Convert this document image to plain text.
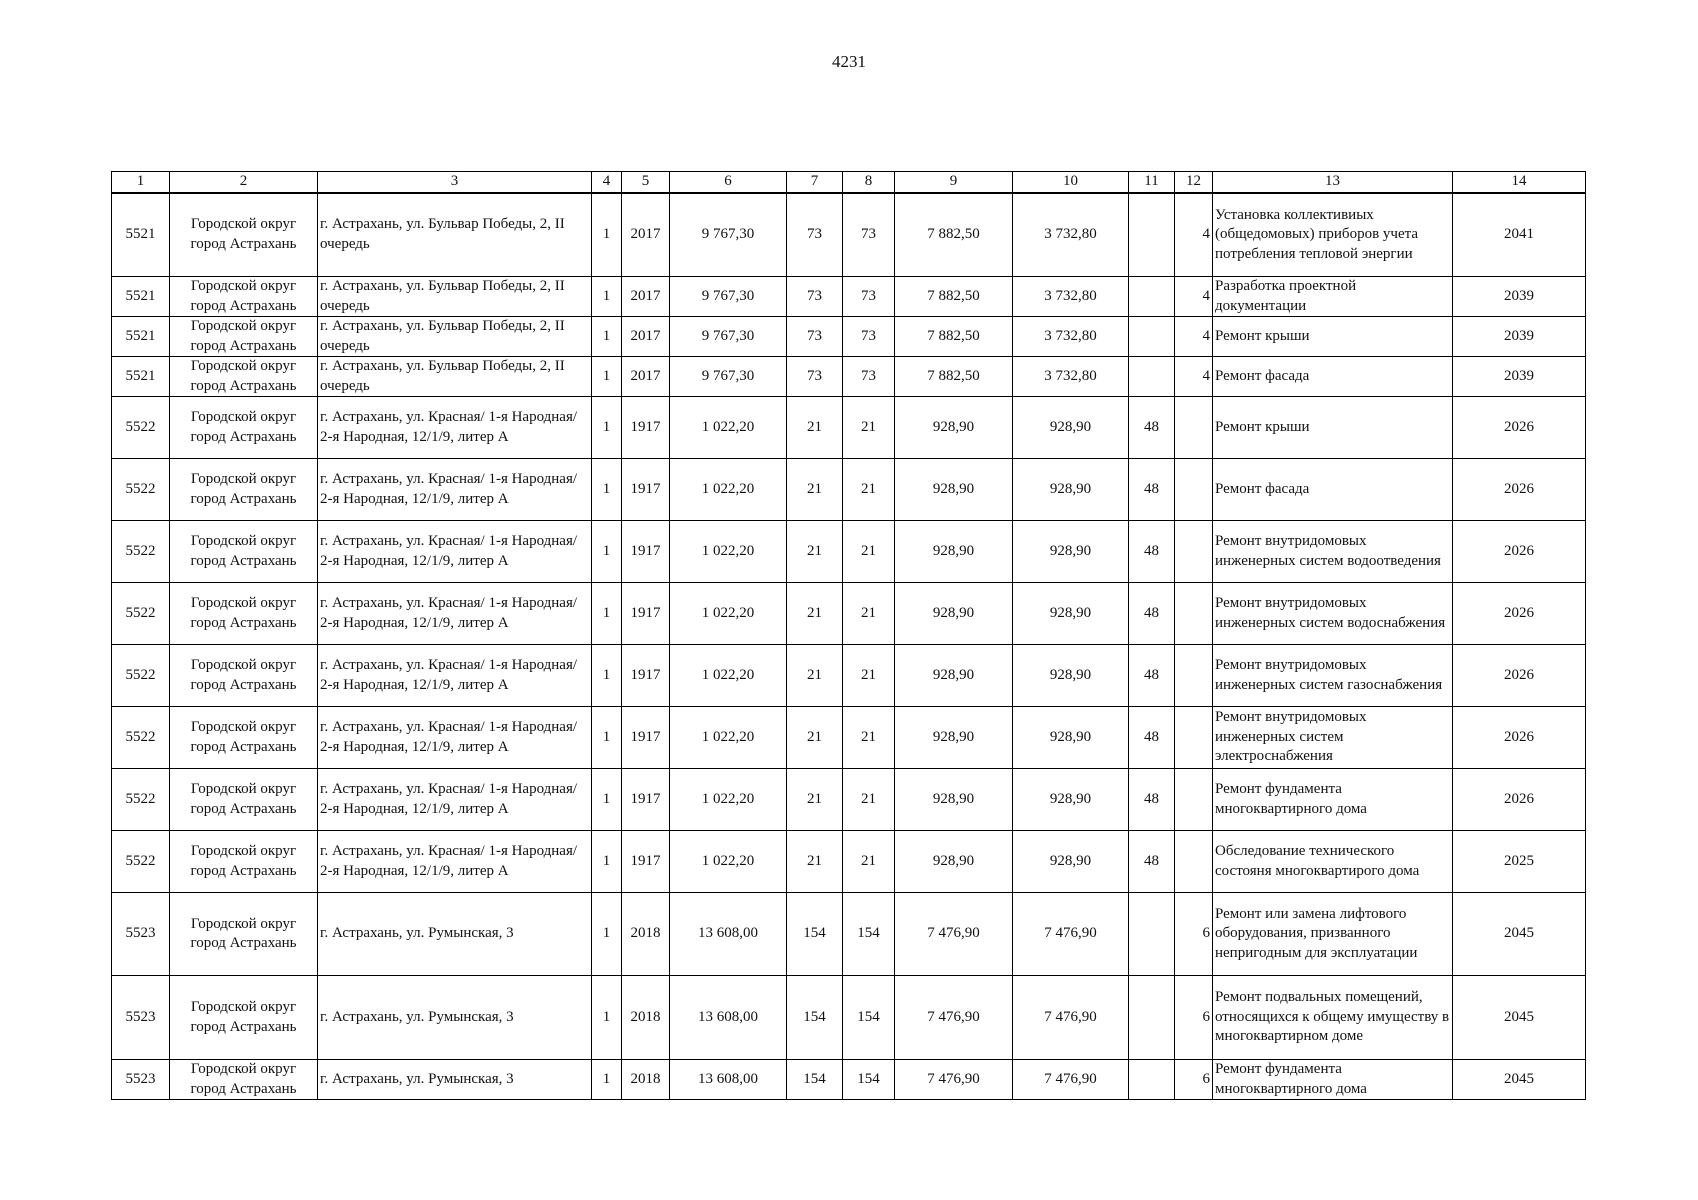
4231
1	2	3	4	5	6	7	8	9	10	11	12	13	14
5521	Городской округ город Астрахань	г. Астрахань, ул. Бульвар Победы, 2, II очередь	1	2017	9 767,30	73	73	7 882,50	3 732,80		4	Установка коллективиых (общедомовых) приборов учета потребления тепловой энергии	2041
5521	Городской округ город Астрахань	г. Астрахань, ул. Бульвар Победы, 2, II очередь	1	2017	9 767,30	73	73	7 882,50	3 732,80		4	Разработка проектной документации	2039
5521	Городской округ город Астрахань	г. Астрахань, ул. Бульвар Победы, 2, II очередь	1	2017	9 767,30	73	73	7 882,50	3 732,80		4	Ремонт крыши	2039
5521	Городской округ город Астрахань	г. Астрахань, ул. Бульвар Победы, 2, II очередь	1	2017	9 767,30	73	73	7 882,50	3 732,80		4	Ремонт фасада	2039
5522	Городской округ город Астрахань	г. Астрахань, ул. Красная/ 1-я Народная/ 2-я Народная, 12/1/9, литер А	1	1917	1 022,20	21	21	928,90	928,90	48		Ремонт крыши	2026
5522	Городской округ город Астрахань	г. Астрахань, ул. Красная/ 1-я Народная/ 2-я Народная, 12/1/9, литер А	1	1917	1 022,20	21	21	928,90	928,90	48		Ремонт фасада	2026
5522	Городской округ город Астрахань	г. Астрахань, ул. Красная/ 1-я Народная/ 2-я Народная, 12/1/9, литер А	1	1917	1 022,20	21	21	928,90	928,90	48		Ремонт внутридомовых инженерных систем водоотведения	2026
5522	Городской округ город Астрахань	г. Астрахань, ул. Красная/ 1-я Народная/ 2-я Народная, 12/1/9, литер А	1	1917	1 022,20	21	21	928,90	928,90	48		Ремонт внутридомовых инженерных систем водоснабжения	2026
5522	Городской округ город Астрахань	г. Астрахань, ул. Красная/ 1-я Народная/ 2-я Народная, 12/1/9, литер А	1	1917	1 022,20	21	21	928,90	928,90	48		Ремонт внутридомовых инженерных систем газоснабжения	2026
5522	Городской округ город Астрахань	г. Астрахань, ул. Красная/ 1-я Народная/ 2-я Народная, 12/1/9, литер А	1	1917	1 022,20	21	21	928,90	928,90	48		Ремонт внутридомовых инженерных систем электроснабжения	2026
5522	Городской округ город Астрахань	г. Астрахань, ул. Красная/ 1-я Народная/ 2-я Народная, 12/1/9, литер А	1	1917	1 022,20	21	21	928,90	928,90	48		Ремонт фундамента многоквартирного дома	2026
5522	Городской округ город Астрахань	г. Астрахань, ул. Красная/ 1-я Народная/ 2-я Народная, 12/1/9, литер А	1	1917	1 022,20	21	21	928,90	928,90	48		Обследование технического состояня многоквартирого дома	2025
5523	Городской округ город Астрахань	г. Астрахань, ул. Румынская, 3	1	2018	13 608,00	154	154	7 476,90	7 476,90		6	Ремонт или замена лифтового оборудования, призванного непригодным для эксплуатации	2045
5523	Городской округ город Астрахань	г. Астрахань, ул. Румынская, 3	1	2018	13 608,00	154	154	7 476,90	7 476,90		6	Ремонт подвальных помещений, относящихся к общему имуществу в многоквартирном доме	2045
5523	Городской округ город Астрахань	г. Астрахань, ул. Румынская, 3	1	2018	13 608,00	154	154	7 476,90	7 476,90		6	Ремонт фундамента многоквартирного дома	2045
